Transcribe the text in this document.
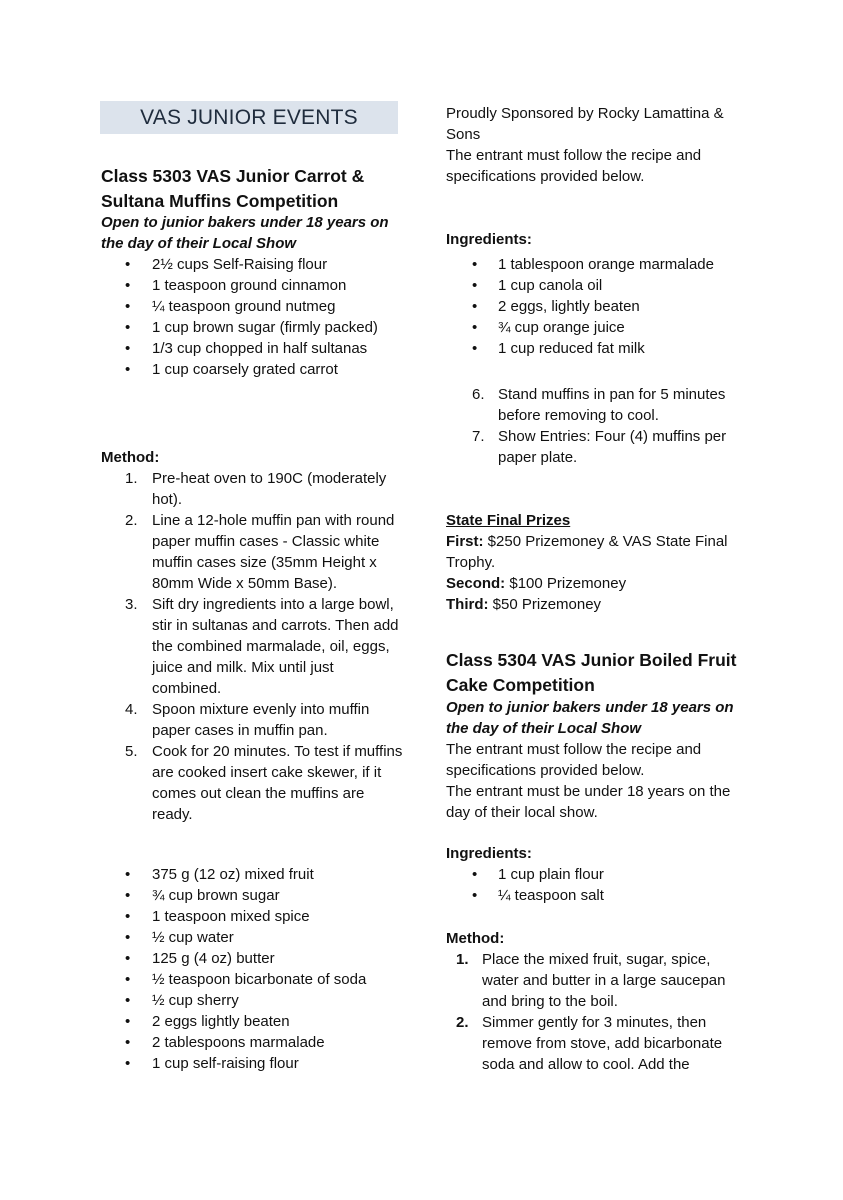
VAS JUNIOR EVENTS
Class 5303 VAS Junior Carrot & Sultana Muffins Competition
Open to junior bakers under 18 years on the day of their Local Show
• 2½ cups Self-Raising flour
• 1 teaspoon ground cinnamon
• ¼ teaspoon ground nutmeg
• 1 cup brown sugar (firmly packed)
• 1/3 cup chopped in half sultanas
• 1 cup coarsely grated carrot
Method:
1. Pre-heat oven to 190C (moderately hot).
2. Line a 12-hole muffin pan with round paper muffin cases - Classic white muffin cases size (35mm Height x 80mm Wide x 50mm Base).
3. Sift dry ingredients into a large bowl, stir in sultanas and carrots. Then add the combined marmalade, oil, eggs, juice and milk. Mix until just combined.
4. Spoon mixture evenly into muffin paper cases in muffin pan.
5. Cook for 20 minutes. To test if muffins are cooked insert cake skewer, if it comes out clean the muffins are ready.
• 375 g (12 oz) mixed fruit
• ¾ cup brown sugar
• 1 teaspoon mixed spice
• ½ cup water
• 125 g (4 oz) butter
• ½ teaspoon bicarbonate of soda
• ½ cup sherry
• 2 eggs lightly beaten
• 2 tablespoons marmalade
• 1 cup self-raising flour

Proudly Sponsored by Rocky Lamattina & Sons

The entrant must follow the recipe and specifications provided below.

Ingredients:
• 1 tablespoon orange marmalade
• 1 cup canola oil
• 2 eggs, lightly beaten
• ¾ cup orange juice
• 1 cup reduced fat milk
6. Stand muffins in pan for 5 minutes before removing to cool.
7. Show Entries: Four (4) muffins per paper plate.
State Final Prizes

First: $250 Prizemoney & VAS State Final Trophy.

Second: $100 Prizemoney

Third: $50 Prizemoney

Class 5304 VAS Junior Boiled Fruit Cake Competition
Open to junior bakers under 18 years on the day of their Local Show

The entrant must follow the recipe and specifications provided below.

The entrant must be under 18 years on the day of their local show.

Ingredients:
• 1 cup plain flour
• ¼ teaspoon salt
Method:
1. Place the mixed fruit, sugar, spice, water and butter in a large saucepan and bring to the boil.
2. Simmer gently for 3 minutes, then remove from stove, add bicarbonate soda and allow to cool. Add the
